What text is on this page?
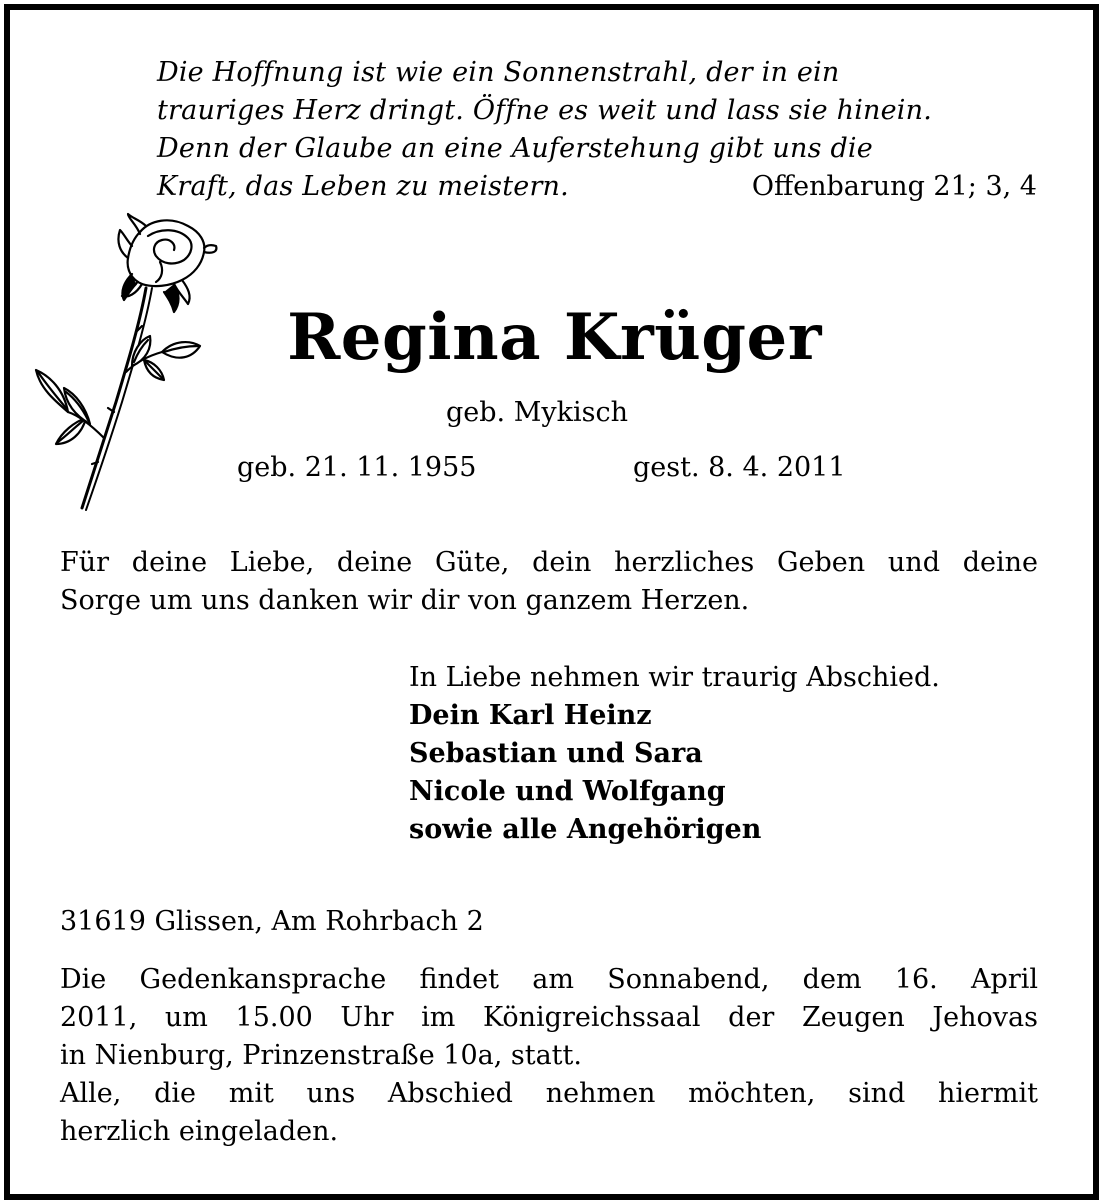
Die Hoffnung ist wie ein Sonnenstrahl, der in ein
trauriges Herz dringt. Öffne es weit und lass sie hinein.
Denn der Glaube an eine Auferstehung gibt uns die
Kraft, das Leben zu meistern.	Offenbarung 21; 3, 4
Regina Krüger
geb. Mykisch
geb. 21. 11. 1955	gest. 8. 4. 2011
Für deine Liebe, deine Güte, dein herzliches Geben und deine
Sorge um uns danken wir dir von ganzem Herzen.
In Liebe nehmen wir traurig Abschied.
Dein Karl Heinz
Sebastian und Sara
Nicole und Wolfgang
sowie alle Angehörigen
31619 Glissen, Am Rohrbach 2
Die Gedenkansprache findet am Sonnabend, dem 16. April
2011, um 15.00 Uhr im Königreichssaal der Zeugen Jehovas
in Nienburg, Prinzenstraße 10a, statt.
Alle, die mit uns Abschied nehmen möchten, sind hiermit
herzlich eingeladen.
